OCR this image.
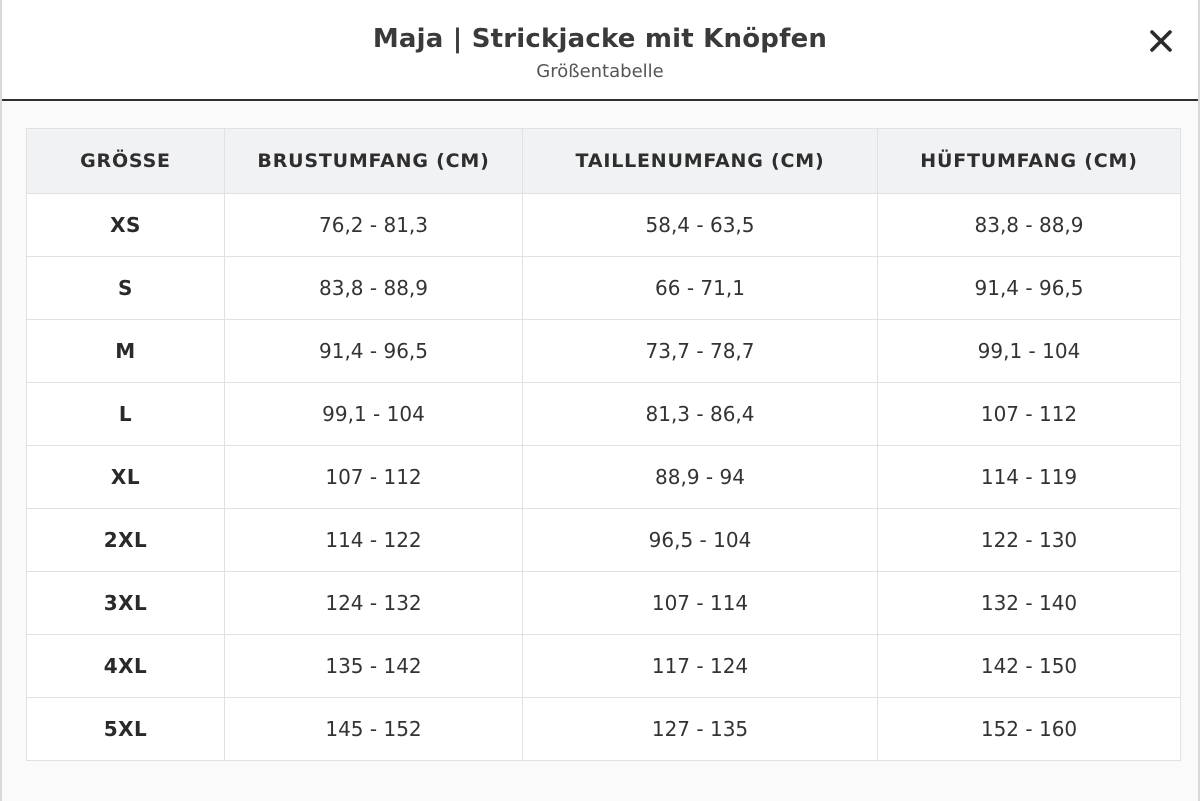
Maja | Strickjacke mit Knöpfen
Größentabelle
GRÖSSE	BRUSTUMFANG (CM)	TAILLENUMFANG (CM)	HÜFTUMFANG (CM)
XS	76,2 - 81,3	58,4 - 63,5	83,8 - 88,9
S	83,8 - 88,9	66 - 71,1	91,4 - 96,5
M	91,4 - 96,5	73,7 - 78,7	99,1 - 104
L	99,1 - 104	81,3 - 86,4	107 - 112
XL	107 - 112	88,9 - 94	114 - 119
2XL	114 - 122	96,5 - 104	122 - 130
3XL	124 - 132	107 - 114	132 - 140
4XL	135 - 142	117 - 124	142 - 150
5XL	145 - 152	127 - 135	152 - 160
